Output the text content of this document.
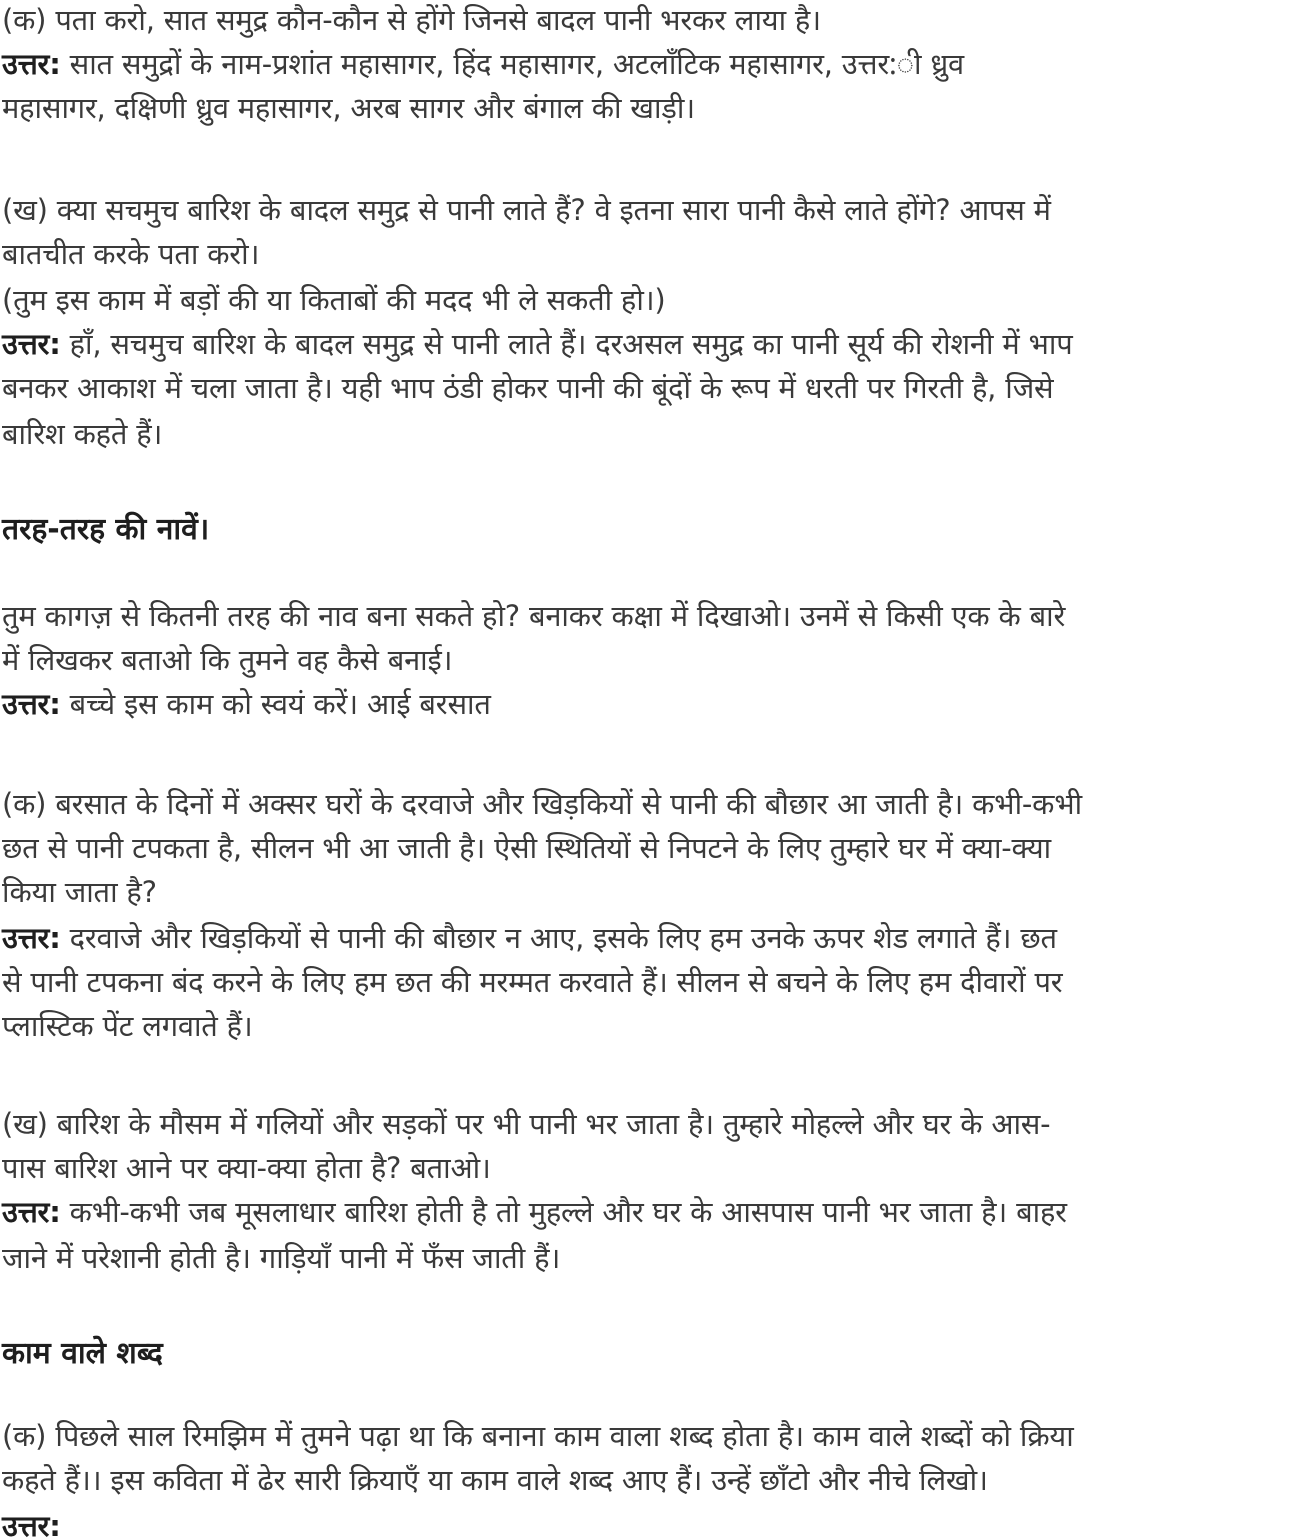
(क) पता करो, सात समुद्र कौन-कौन से होंगे जिनसे बादल पानी भरकर लाया है।
उत्तर: सात समुद्रों के नाम-प्रशांत महासागर, हिंद महासागर, अटलाँटिक महासागर, उत्तर:ी ध्रुव
महासागर, दक्षिणी ध्रुव महासागर, अरब सागर और बंगाल की खाड़ी।
(ख) क्या सचमुच बारिश के बादल समुद्र से पानी लाते हैं? वे इतना सारा पानी कैसे लाते होंगे? आपस में
बातचीत करके पता करो।
(तुम इस काम में बड़ों की या किताबों की मदद भी ले सकती हो।)
उत्तर: हाँ, सचमुच बारिश के बादल समुद्र से पानी लाते हैं। दरअसल समुद्र का पानी सूर्य की रोशनी में भाप
बनकर आकाश में चला जाता है। यही भाप ठंडी होकर पानी की बूंदों के रूप में धरती पर गिरती है, जिसे
बारिश कहते हैं।
तरह-तरह की नावें।
तुम कागज़ से कितनी तरह की नाव बना सकते हो? बनाकर कक्षा में दिखाओ। उनमें से किसी एक के बारे
में लिखकर बताओ कि तुमने वह कैसे बनाई।
उत्तर: बच्चे इस काम को स्वयं करें। आई बरसात
(क) बरसात के दिनों में अक्सर घरों के दरवाजे और खिड़कियों से पानी की बौछार आ जाती है। कभी-कभी
छत से पानी टपकता है, सीलन भी आ जाती है। ऐसी स्थितियों से निपटने के लिए तुम्हारे घर में क्या-क्या
किया जाता है?
उत्तर: दरवाजे और खिड़कियों से पानी की बौछार न आए, इसके लिए हम उनके ऊपर शेड लगाते हैं। छत
से पानी टपकना बंद करने के लिए हम छत की मरम्मत करवाते हैं। सीलन से बचने के लिए हम दीवारों पर
प्लास्टिक पेंट लगवाते हैं।
(ख) बारिश के मौसम में गलियों और सड़कों पर भी पानी भर जाता है। तुम्हारे मोहल्ले और घर के आस-
पास बारिश आने पर क्या-क्या होता है? बताओ।
उत्तर: कभी-कभी जब मूसलाधार बारिश होती है तो मुहल्ले और घर के आसपास पानी भर जाता है। बाहर
जाने में परेशानी होती है। गाड़ियाँ पानी में फँस जाती हैं।
काम वाले शब्द
(क) पिछले साल रिमझिम में तुमने पढ़ा था कि बनाना काम वाला शब्द होता है। काम वाले शब्दों को क्रिया
कहते हैं।। इस कविता में ढेर सारी क्रियाएँ या काम वाले शब्द आए हैं। उन्हें छाँटो और नीचे लिखो।
उत्तर:
